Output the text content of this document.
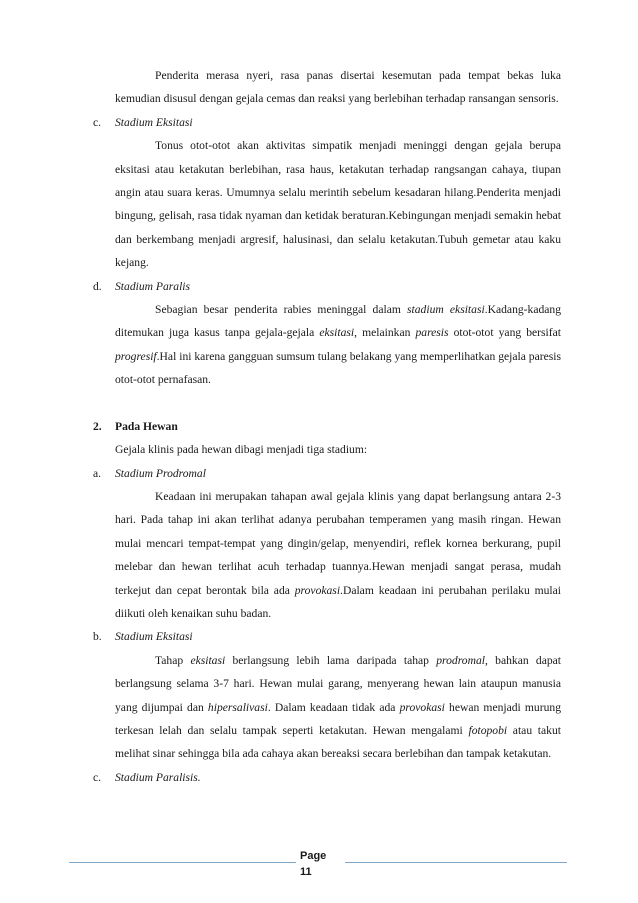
Penderita merasa nyeri, rasa panas disertai kesemutan pada tempat bekas luka kemudian disusul dengan gejala cemas dan reaksi yang berlebihan terhadap ransangan sensoris.

c.	Stadium Eksitasi

Tonus otot-otot akan aktivitas simpatik menjadi meninggi dengan gejala berupa eksitasi atau ketakutan berlebihan, rasa haus, ketakutan terhadap rangsangan cahaya, tiupan angin atau suara keras. Umumnya selalu merintih sebelum kesadaran hilang.Penderita menjadi bingung, gelisah, rasa tidak nyaman dan ketidak beraturan.Kebingungan menjadi semakin hebat dan berkembang menjadi argresif, halusinasi, dan selalu ketakutan.Tubuh gemetar atau kaku kejang.

d.	Stadium Paralis

Sebagian besar penderita rabies meninggal dalam stadium eksitasi.Kadang-kadang ditemukan juga kasus tanpa gejala-gejala eksitasi, melainkan paresis otot-otot yang bersifat progresif.Hal ini karena gangguan sumsum tulang belakang yang memperlihatkan gejala paresis otot-otot pernafasan.

2.	Pada Hewan

Gejala klinis pada hewan dibagi menjadi tiga stadium:

a.	Stadium Prodromal

Keadaan ini merupakan tahapan awal gejala klinis yang dapat berlangsung antara 2-3 hari. Pada tahap ini akan terlihat adanya perubahan temperamen yang masih ringan. Hewan mulai mencari tempat-tempat yang dingin/gelap, menyendiri, reflek kornea berkurang, pupil melebar dan hewan terlihat acuh terhadap tuannya.Hewan menjadi sangat perasa, mudah terkejut dan cepat berontak bila ada provokasi.Dalam keadaan ini perubahan perilaku mulai diikuti oleh kenaikan suhu badan.

b.	Stadium Eksitasi

Tahap eksitasi berlangsung lebih lama daripada tahap prodromal, bahkan dapat berlangsung selama 3-7 hari. Hewan mulai garang, menyerang hewan lain ataupun manusia yang dijumpai dan hipersalivasi. Dalam keadaan tidak ada provokasi hewan menjadi murung terkesan lelah dan selalu tampak seperti ketakutan. Hewan mengalami fotopobi atau takut melihat sinar sehingga bila ada cahaya akan bereaksi secara berlebihan dan tampak ketakutan.

c.	Stadium Paralisis.
Page
11
